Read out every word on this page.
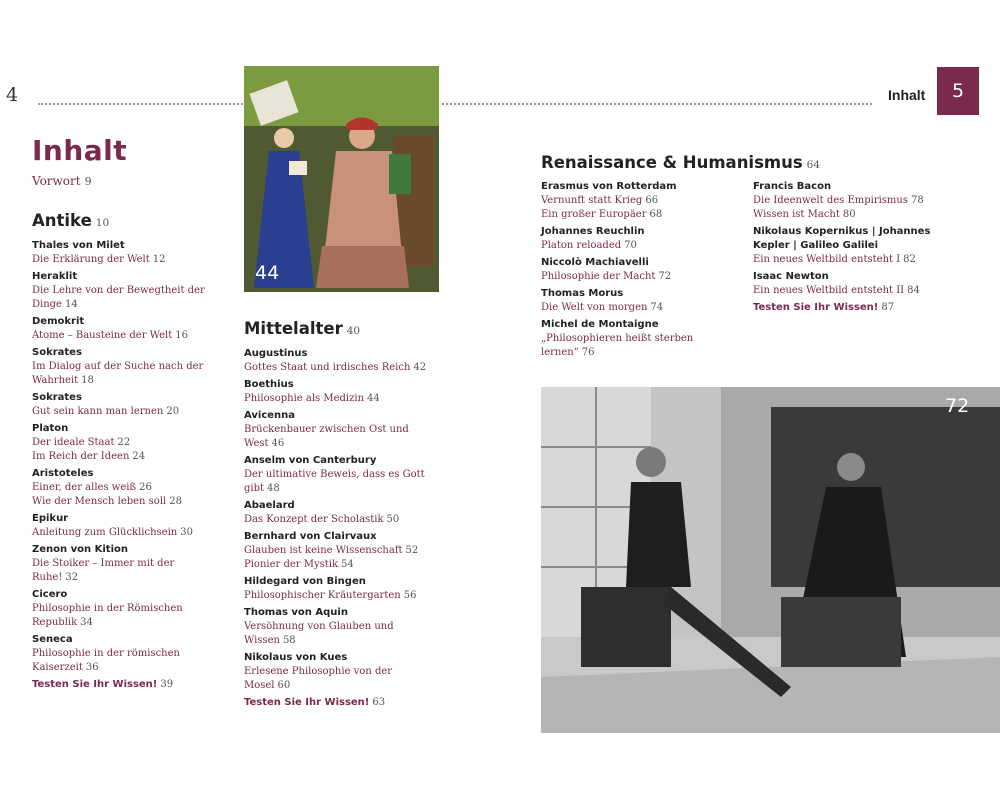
4	Inhalt 5
Inhalt
Vorwort 9
Antike 10
Thales von Milet
Die Erklärung der Welt 12
Heraklit
Die Lehre von der Bewegtheit der Dinge 14
Demokrit
Atome – Bausteine der Welt 16
Sokrates
Im Dialog auf der Suche nach der Wahrheit 18
Sokrates
Gut sein kann man lernen 20
Platon
Der ideale Staat 22
Im Reich der Ideen 24
Aristoteles
Einer, der alles weiß 26
Wie der Mensch leben soll 28
Epikur
Anleitung zum Glücklichsein 30
Zenon von Kition
Die Stoiker – Immer mit der Ruhe! 32
Cicero
Philosophie in der Römischen Republik 34
Seneca
Philosophie in der römischen Kaiserzeit 36
Testen Sie Ihr Wissen! 39
44
Mittelalter 40
Augustinus
Gottes Staat und irdisches Reich 42
Boethius
Philosophie als Medizin 44
Avicenna
Brückenbauer zwischen Ost und West 46
Anselm von Canterbury
Der ultimative Beweis, dass es Gott gibt 48
Abaelard
Das Konzept der Scholastik 50
Bernhard von Clairvaux
Glauben ist keine Wissenschaft 52
Pionier der Mystik 54
Hildegard von Bingen
Philosophischer Kräutergarten 56
Thomas von Aquin
Versöhnung von Glauben und Wissen 58
Nikolaus von Kues
Erlesene Philosophie von der Mosel 60
Testen Sie Ihr Wissen! 63
Renaissance & Humanismus 64
Erasmus von Rotterdam
Vernunft statt Krieg 66
Ein großer Europäer 68
Johannes Reuchlin
Platon reloaded 70
Niccolò Machiavelli
Philosophie der Macht 72
Thomas Morus
Die Welt von morgen 74
Michel de Montaigne
„Philosophieren heißt sterben lernen“ 76
Francis Bacon
Die Ideenwelt des Empirismus 78
Wissen ist Macht 80
Nikolaus Kopernikus | Johannes Kepler | Galileo Galilei
Ein neues Weltbild entsteht I 82
Isaac Newton
Ein neues Weltbild entsteht II 84
Testen Sie Ihr Wissen! 87
72
